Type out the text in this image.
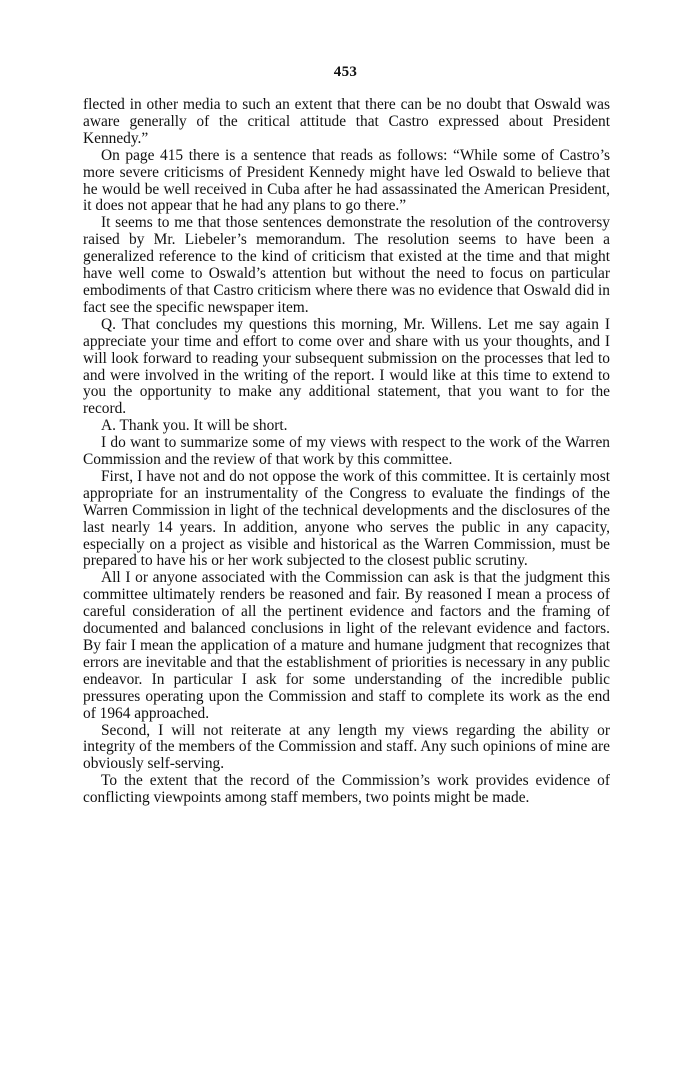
453

flected in other media to such an extent that there can be no doubt that Oswald was aware generally of the critical attitude that Castro expressed about President Kennedy.”

On page 415 there is a sentence that reads as follows: “While some of Castro’s more severe criticisms of President Kennedy might have led Oswald to believe that he would be well received in Cuba after he had assassinated the American President, it does not appear that he had any plans to go there.”

It seems to me that those sentences demonstrate the resolution of the controversy raised by Mr. Liebeler’s memorandum. The resolution seems to have been a generalized reference to the kind of criticism that existed at the time and that might have well come to Oswald’s attention but without the need to focus on particular embodiments of that Castro criticism where there was no evidence that Oswald did in fact see the specific newspaper item.

Q. That concludes my questions this morning, Mr. Willens. Let me say again I appreciate your time and effort to come over and share with us your thoughts, and I will look forward to reading your subsequent submission on the processes that led to and were involved in the writing of the report. I would like at this time to extend to you the opportunity to make any additional statement, that you want to for the record.

A. Thank you. It will be short.

I do want to summarize some of my views with respect to the work of the Warren Commission and the review of that work by this committee.

First, I have not and do not oppose the work of this committee. It is certainly most appropriate for an instrumentality of the Congress to evaluate the findings of the Warren Commission in light of the technical developments and the disclosures of the last nearly 14 years. In addition, anyone who serves the public in any capacity, especially on a project as visible and historical as the Warren Commission, must be prepared to have his or her work subjected to the closest public scrutiny.

All I or anyone associated with the Commission can ask is that the judgment this committee ultimately renders be reasoned and fair. By reasoned I mean a process of careful consideration of all the pertinent evidence and factors and the framing of documented and balanced conclusions in light of the relevant evidence and factors. By fair I mean the application of a mature and humane judgment that recognizes that errors are inevitable and that the establishment of priorities is necessary in any public endeavor. In particular I ask for some understanding of the incredible public pressures operating upon the Commission and staff to complete its work as the end of 1964 approached.

Second, I will not reiterate at any length my views regarding the ability or integrity of the members of the Commission and staff. Any such opinions of mine are obviously self-serving.

To the extent that the record of the Commission’s work provides evidence of conflicting viewpoints among staff members, two points might be made.
